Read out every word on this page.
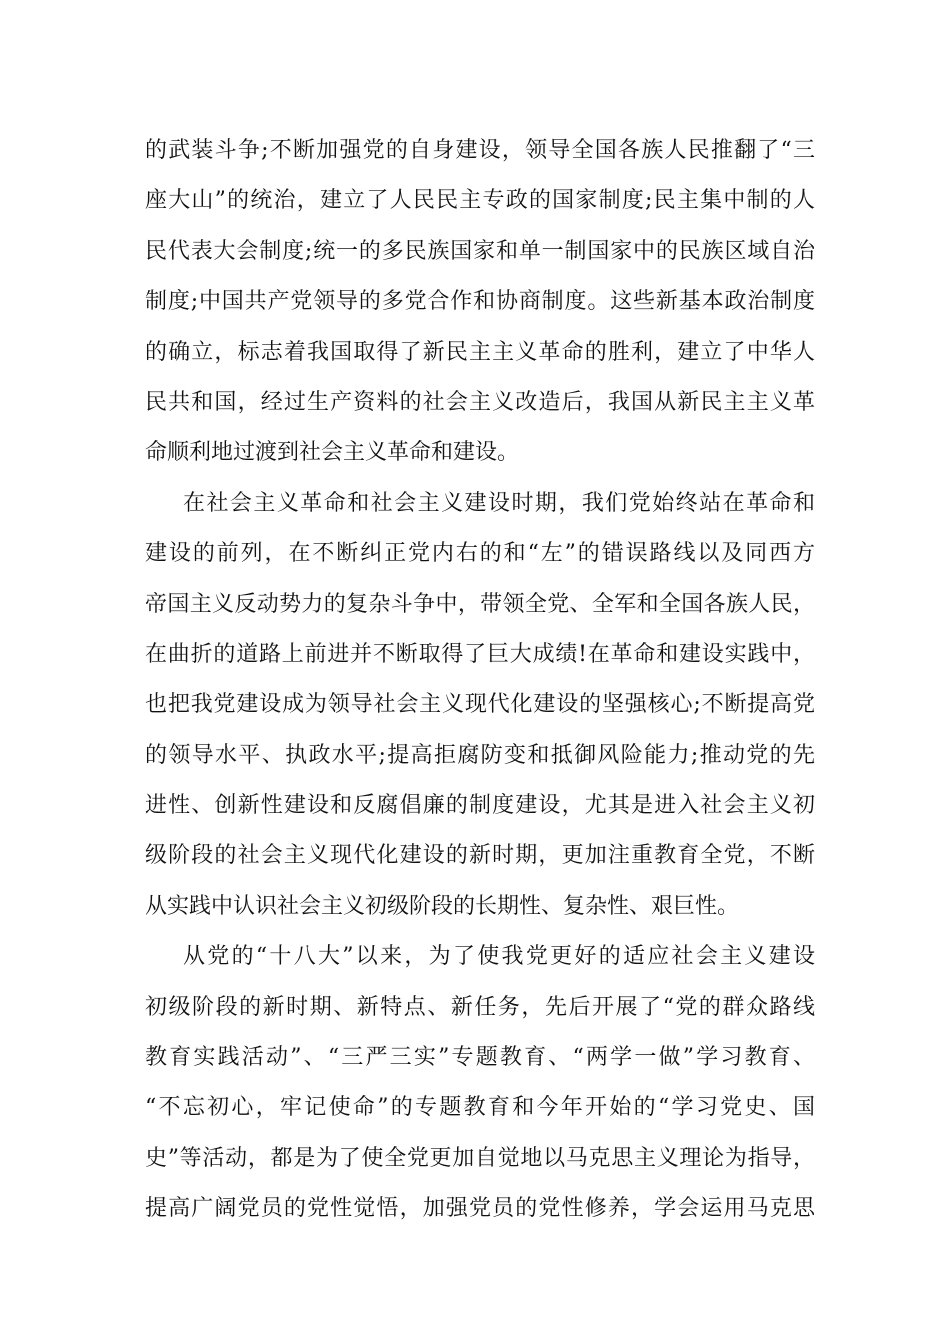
的武装斗争;不断加强党的自身建设，领导全国各族人民推翻了“三
座大山”的统治，建立了人民民主专政的国家制度;民主集中制的人
民代表大会制度;统一的多民族国家和单一制国家中的民族区域自治
制度;中国共产党领导的多党合作和协商制度。这些新基本政治制度
的确立，标志着我国取得了新民主主义革命的胜利，建立了中华人
民共和国，经过生产资料的社会主义改造后，我国从新民主主义革
命顺利地过渡到社会主义革命和建设。
在社会主义革命和社会主义建设时期，我们党始终站在革命和
建设的前列，在不断纠正党内右的和“左”的错误路线以及同西方
帝国主义反动势力的复杂斗争中，带领全党、全军和全国各族人民，
在曲折的道路上前进并不断取得了巨大成绩!在革命和建设实践中，
也把我党建设成为领导社会主义现代化建设的坚强核心;不断提高党
的领导水平、执政水平;提高拒腐防变和抵御风险能力;推动党的先
进性、创新性建设和反腐倡廉的制度建设，尤其是进入社会主义初
级阶段的社会主义现代化建设的新时期，更加注重教育全党，不断
从实践中认识社会主义初级阶段的长期性、复杂性、艰巨性。
从党的“十八大”以来，为了使我党更好的适应社会主义建设
初级阶段的新时期、新特点、新任务，先后开展了“党的群众路线
教育实践活动”、“三严三实”专题教育、“两学一做”学习教育、
“不忘初心，牢记使命”的专题教育和今年开始的“学习党史、国
史”等活动，都是为了使全党更加自觉地以马克思主义理论为指导，
提高广阔党员的党性觉悟，加强党员的党性修养，学会运用马克思
